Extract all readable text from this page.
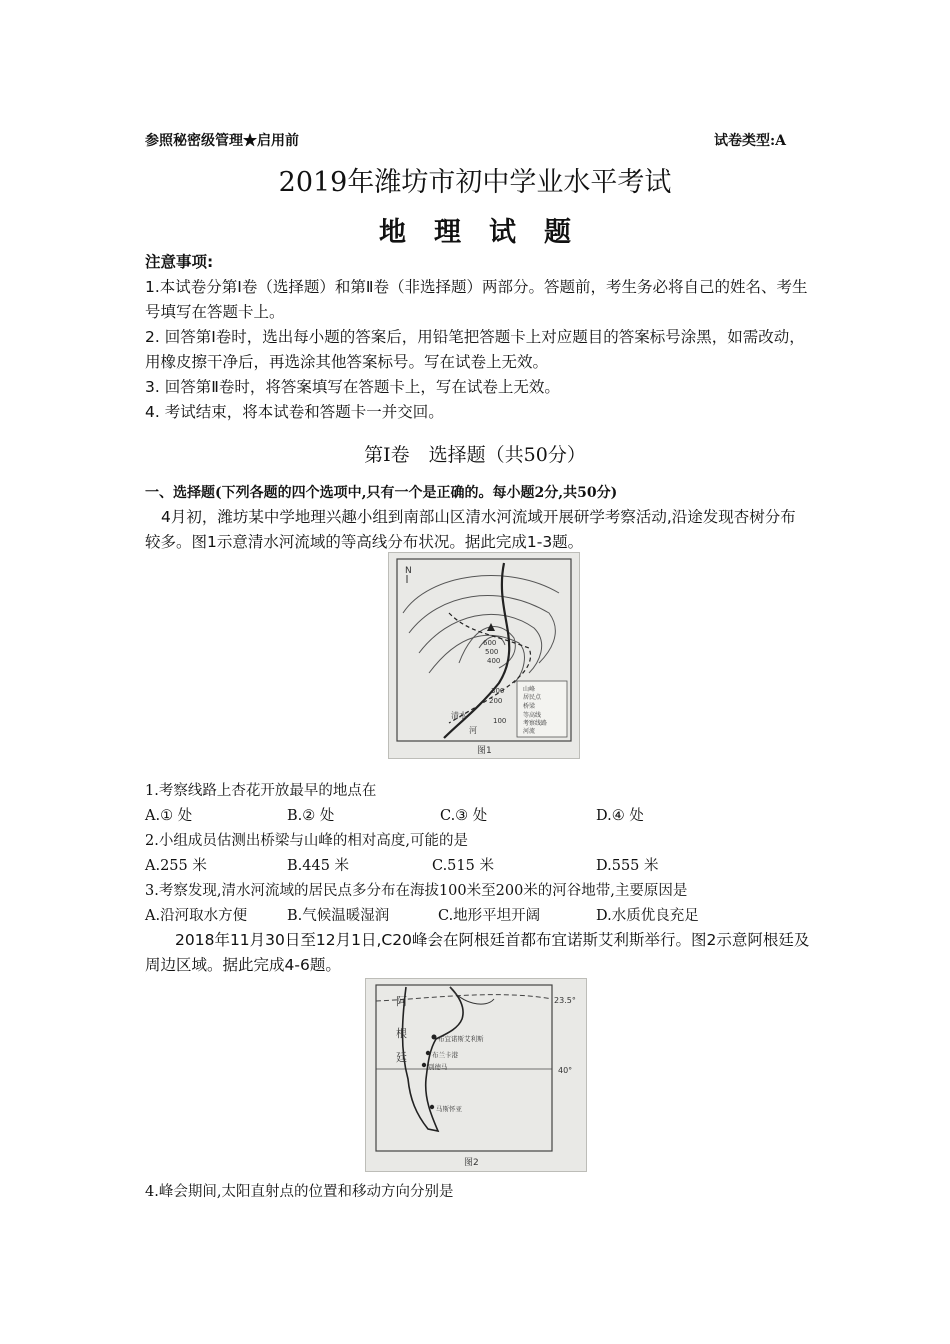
参照秘密级管理★启用前	试卷类型:A
2019年潍坊市初中学业水平考试
地理试题

注意事项:

1.本试卷分第Ⅰ卷（选择题）和第Ⅱ卷（非选择题）两部分。答题前，考生务必将自己的姓名、考生号填写在答题卡上。

2. 回答第Ⅰ卷时，选出每小题的答案后，用铅笔把答题卡上对应题目的答案标号涂黑，如需改动，用橡皮擦干净后，再选涂其他答案标号。写在试卷上无效。

3. 回答第Ⅱ卷时，将答案填写在答题卡上，写在试卷上无效。

4. 考试结束，将本试卷和答题卡一并交回。

第Ⅰ卷　选择题（共50分）
一、选择题(下列各题的四个选项中,只有一个是正确的。每小题2分,共50分)
4月初，潍坊某中学地理兴趣小组到南部山区清水河流域开展研学考察活动,沿途发现杏树分布较多。图1示意清水河流域的等高线分布状况。据此完成1-3题。
N
600
500
400
300
200
100
清水
河
山峰
居民点
桥梁
等高线
考察线路
河流
图1
1.考察线路上杏花开放最早的地点在
A.① 处	B.② 处	C.③ 处	D.④ 处
2.小组成员估测出桥梁与山峰的相对高度,可能的是
A.255 米	B.445 米	C.515 米	D.555 米
3.考察发现,清水河流域的居民点多分布在海拔100米至200米的河谷地带,主要原因是
A.沿河取水方便	B.气候温暖湿润	C.地形平坦开阔	D.水质优良充足
2018年11月30日至12月1日,C20峰会在阿根廷首都布宜诺斯艾利斯举行。图2示意阿根廷及周边区域。据此完成4-6题。
23.5°
40°
阿
根
廷
布宜诺斯艾利斯
布兰卡港
别德马
马斯怀亚
图2
4.峰会期间,太阳直射点的位置和移动方向分别是
